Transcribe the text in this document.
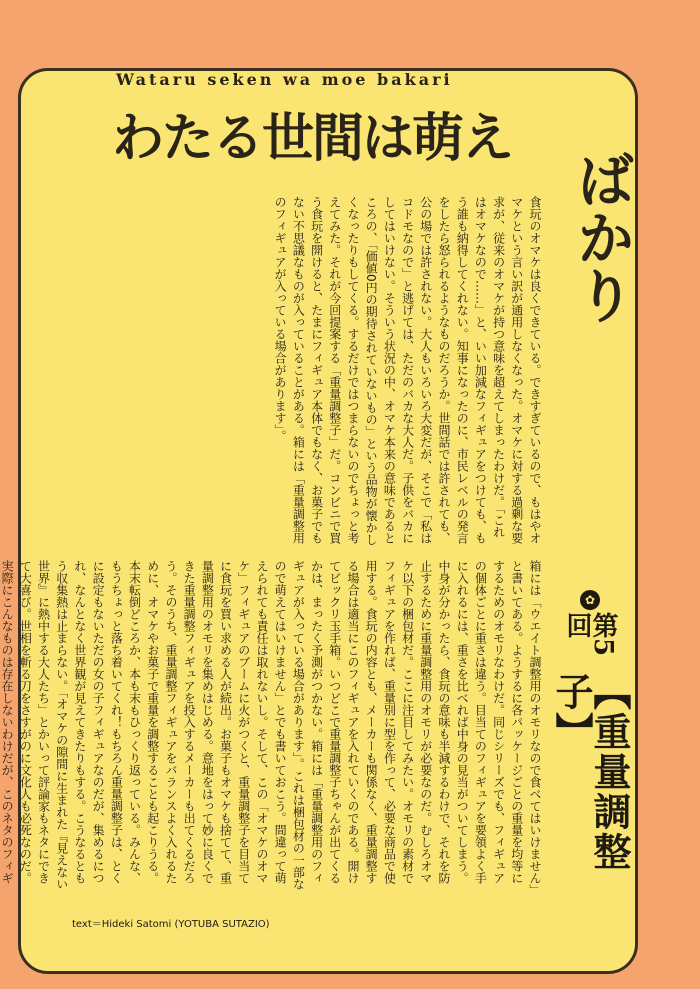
Wataru seken wa moe bakari
わたる世間は萌え
ばかり
食玩のオマケは良くできている。できすぎているので、もはやオマケという言い訳が通用しなくなった。オマケに対する過剰な要求が、従来のオマケが持つ意味を超えてしまったわけだ。「これはオマケなので……」と、いい加減なフィギュアをつけても、もう誰も納得してくれない。知事になったのに、市民レベルの発言をしたら怒られるようなものだろうか。世間話では許されても、公の場では許されない。大人もいろいろ大変だが、そこで「私はコドモなので」と逃げては、ただのバカな大人だ。子供をバカにしてはいけない。そういう状況の中、オマケ本来の意味であるところの、「価値0円の期待されていないもの」という品物が懐かしくなったりもしてくる。するだけではつまらないのでちょっと考えてみた。それが今回提案する「重量調整子」だ。コンビニで買う食玩を開けると、たまにフィギュア本体でもなく、お菓子でもない不思議なものが入っていることがある。箱には「重量調整用のフィギュアが入っている場合があります」。
箱には「ウエイト調整用のオモリなので食べてはいけません」と書いてある。ようするに各パッケージごとの重量を均等にするためのオモリなわけだ。同じシリーズでも、フィギュアの個体ごとに重さは違う。目当てのフィギュアを要領よく手に入れるには、重さを比べれば中身の見当がついてしまう。中身が分かったら、食玩の意味も半減するわけで、それを防止するために重量調整用のオモリが必要なのだ。むしろオマケ以下の梱包材だ。ここに注目してみたい。オモリの素材でフィギュアを作れば、重量別に型を作って、必要な商品で使用する。食玩の内容とも、メーカーも関係なく、重量調整する場合は適当にこのフィギュアを入れていくのである。開けてビックリ玉手箱。いつどこで重量調整子ちゃんが出てくるかは、まったく予測がつかない。箱には「重量調整用のフィギュアが入っている場合があります」。これは梱包材の一部なので萌えてはいけません」とでも書いておこう。間違って萌えられても責任は取れないし。そして、この「オマケのオマケ」フィギュアのブームに火がつくと、重量調整子を目当てに食玩を買い求める人が続出。お菓子もオマケも捨てて、重量調整用のオモリを集めはじめる。意地をはって妙に良くできた重量調整フィギュアを投入するメーカーも出てくるだろう。そのうち、重量調整フィギュアをバランスよく入れるために、オマケやお菓子で重量を調整することも起こりうる。本末転倒どころか、本も末もひっくり返っている。みんな、もうちょっと落ち着いてくれ！もちろん重量調整子は、とくに設定もないただの女の子フィギュアなのだが、集めるにつれ、なんとなく世界観が見えてきたりもする。こうなるともう収集熱は止まらない。「オマケの隙間に生まれた『見えない世界』に熱中する大人たち」とかいって評論家もネタにできて大喜び。世相を斬る刀をさすがのに文化人も必死なのだ。実際にこんなものは存在しないわけだが、このネタのフィギ
✿
第5回
【重量調整子】
text＝Hideki Satomi (YOTUBA SUTAZIO)
